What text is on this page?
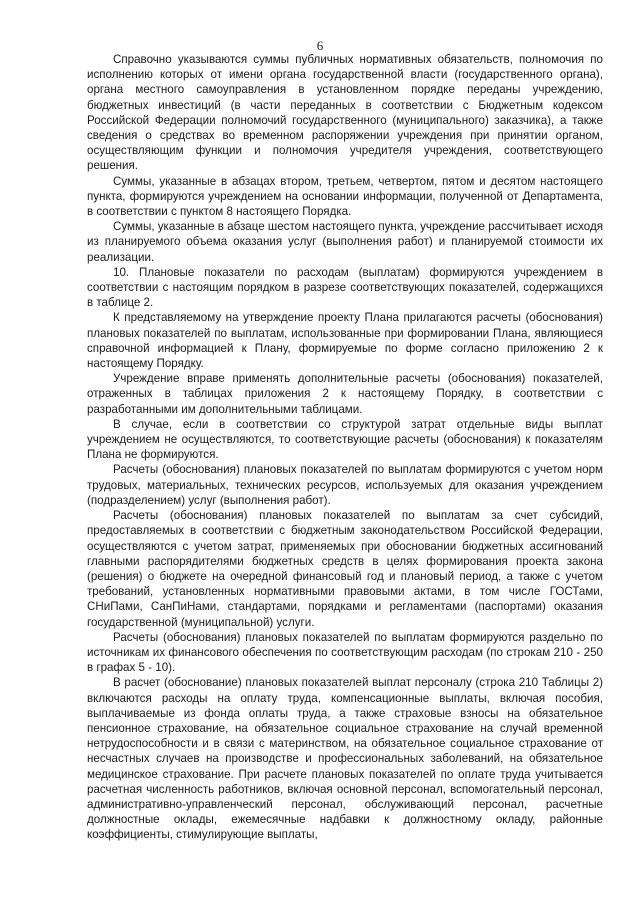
6

Справочно указываются суммы публичных нормативных обязательств, полномочия по исполнению которых от имени органа государственной власти (государственного органа), органа местного самоуправления в установленном порядке переданы учреждению, бюджетных инвестиций (в части переданных в соответствии с Бюджетным кодексом Российской Федерации полномочий государственного (муниципального) заказчика), а также сведения о средствах во временном распоряжении учреждения при принятии органом, осуществляющим функции и полномочия учредителя учреждения, соответствующего решения.

Суммы, указанные в абзацах втором, третьем, четвертом, пятом и десятом настоящего пункта, формируются учреждением на основании информации, полученной от Департамента, в соответствии с пунктом 8 настоящего Порядка.

Суммы, указанные в абзаце шестом настоящего пункта, учреждение рассчитывает исходя из планируемого объема оказания услуг (выполнения работ) и планируемой стоимости их реализации.

10. Плановые показатели по расходам (выплатам) формируются учреждением в соответствии с настоящим порядком в разрезе соответствующих показателей, содержащихся в таблице 2.

К представляемому на утверждение проекту Плана прилагаются расчеты (обоснования) плановых показателей по выплатам, использованные при формировании Плана, являющиеся справочной информацией к Плану, формируемые по форме согласно приложению 2 к настоящему Порядку.

Учреждение вправе применять дополнительные расчеты (обоснования) показателей, отраженных в таблицах приложения 2 к настоящему Порядку, в соответствии с разработанными им дополнительными таблицами.

В случае, если в соответствии со структурой затрат отдельные виды выплат учреждением не осуществляются, то соответствующие расчеты (обоснования) к показателям Плана не формируются.

Расчеты (обоснования) плановых показателей по выплатам формируются с учетом норм трудовых, материальных, технических ресурсов, используемых для оказания учреждением (подразделением) услуг (выполнения работ).

Расчеты (обоснования) плановых показателей по выплатам за счет субсидий, предоставляемых в соответствии с бюджетным законодательством Российской Федерации, осуществляются с учетом затрат, применяемых при обосновании бюджетных ассигнований главными распорядителями бюджетных средств в целях формирования проекта закона (решения) о бюджете на очередной финансовый год и плановый период, а также с учетом требований, установленных нормативными правовыми актами, в том числе ГОСТами, СНиПами, СанПиНами, стандартами, порядками и регламентами (паспортами) оказания государственной (муниципальной) услуги.

Расчеты (обоснования) плановых показателей по выплатам формируются раздельно по источникам их финансового обеспечения по соответствующим расходам (по строкам 210 - 250 в графах 5 - 10).

В расчет (обоснование) плановых показателей выплат персоналу (строка 210 Таблицы 2) включаются расходы на оплату труда, компенсационные выплаты, включая пособия, выплачиваемые из фонда оплаты труда, а также страховые взносы на обязательное пенсионное страхование, на обязательное социальное страхование на случай временной нетрудоспособности и в связи с материнством, на обязательное социальное страхование от несчастных случаев на производстве и профессиональных заболеваний, на обязательное медицинское страхование. При расчете плановых показателей по оплате труда учитывается расчетная численность работников, включая основной персонал, вспомогательный персонал, административно-управленческий персонал, обслуживающий персонал, расчетные должностные оклады, ежемесячные надбавки к должностному окладу, районные коэффициенты, стимулирующие выплаты,
